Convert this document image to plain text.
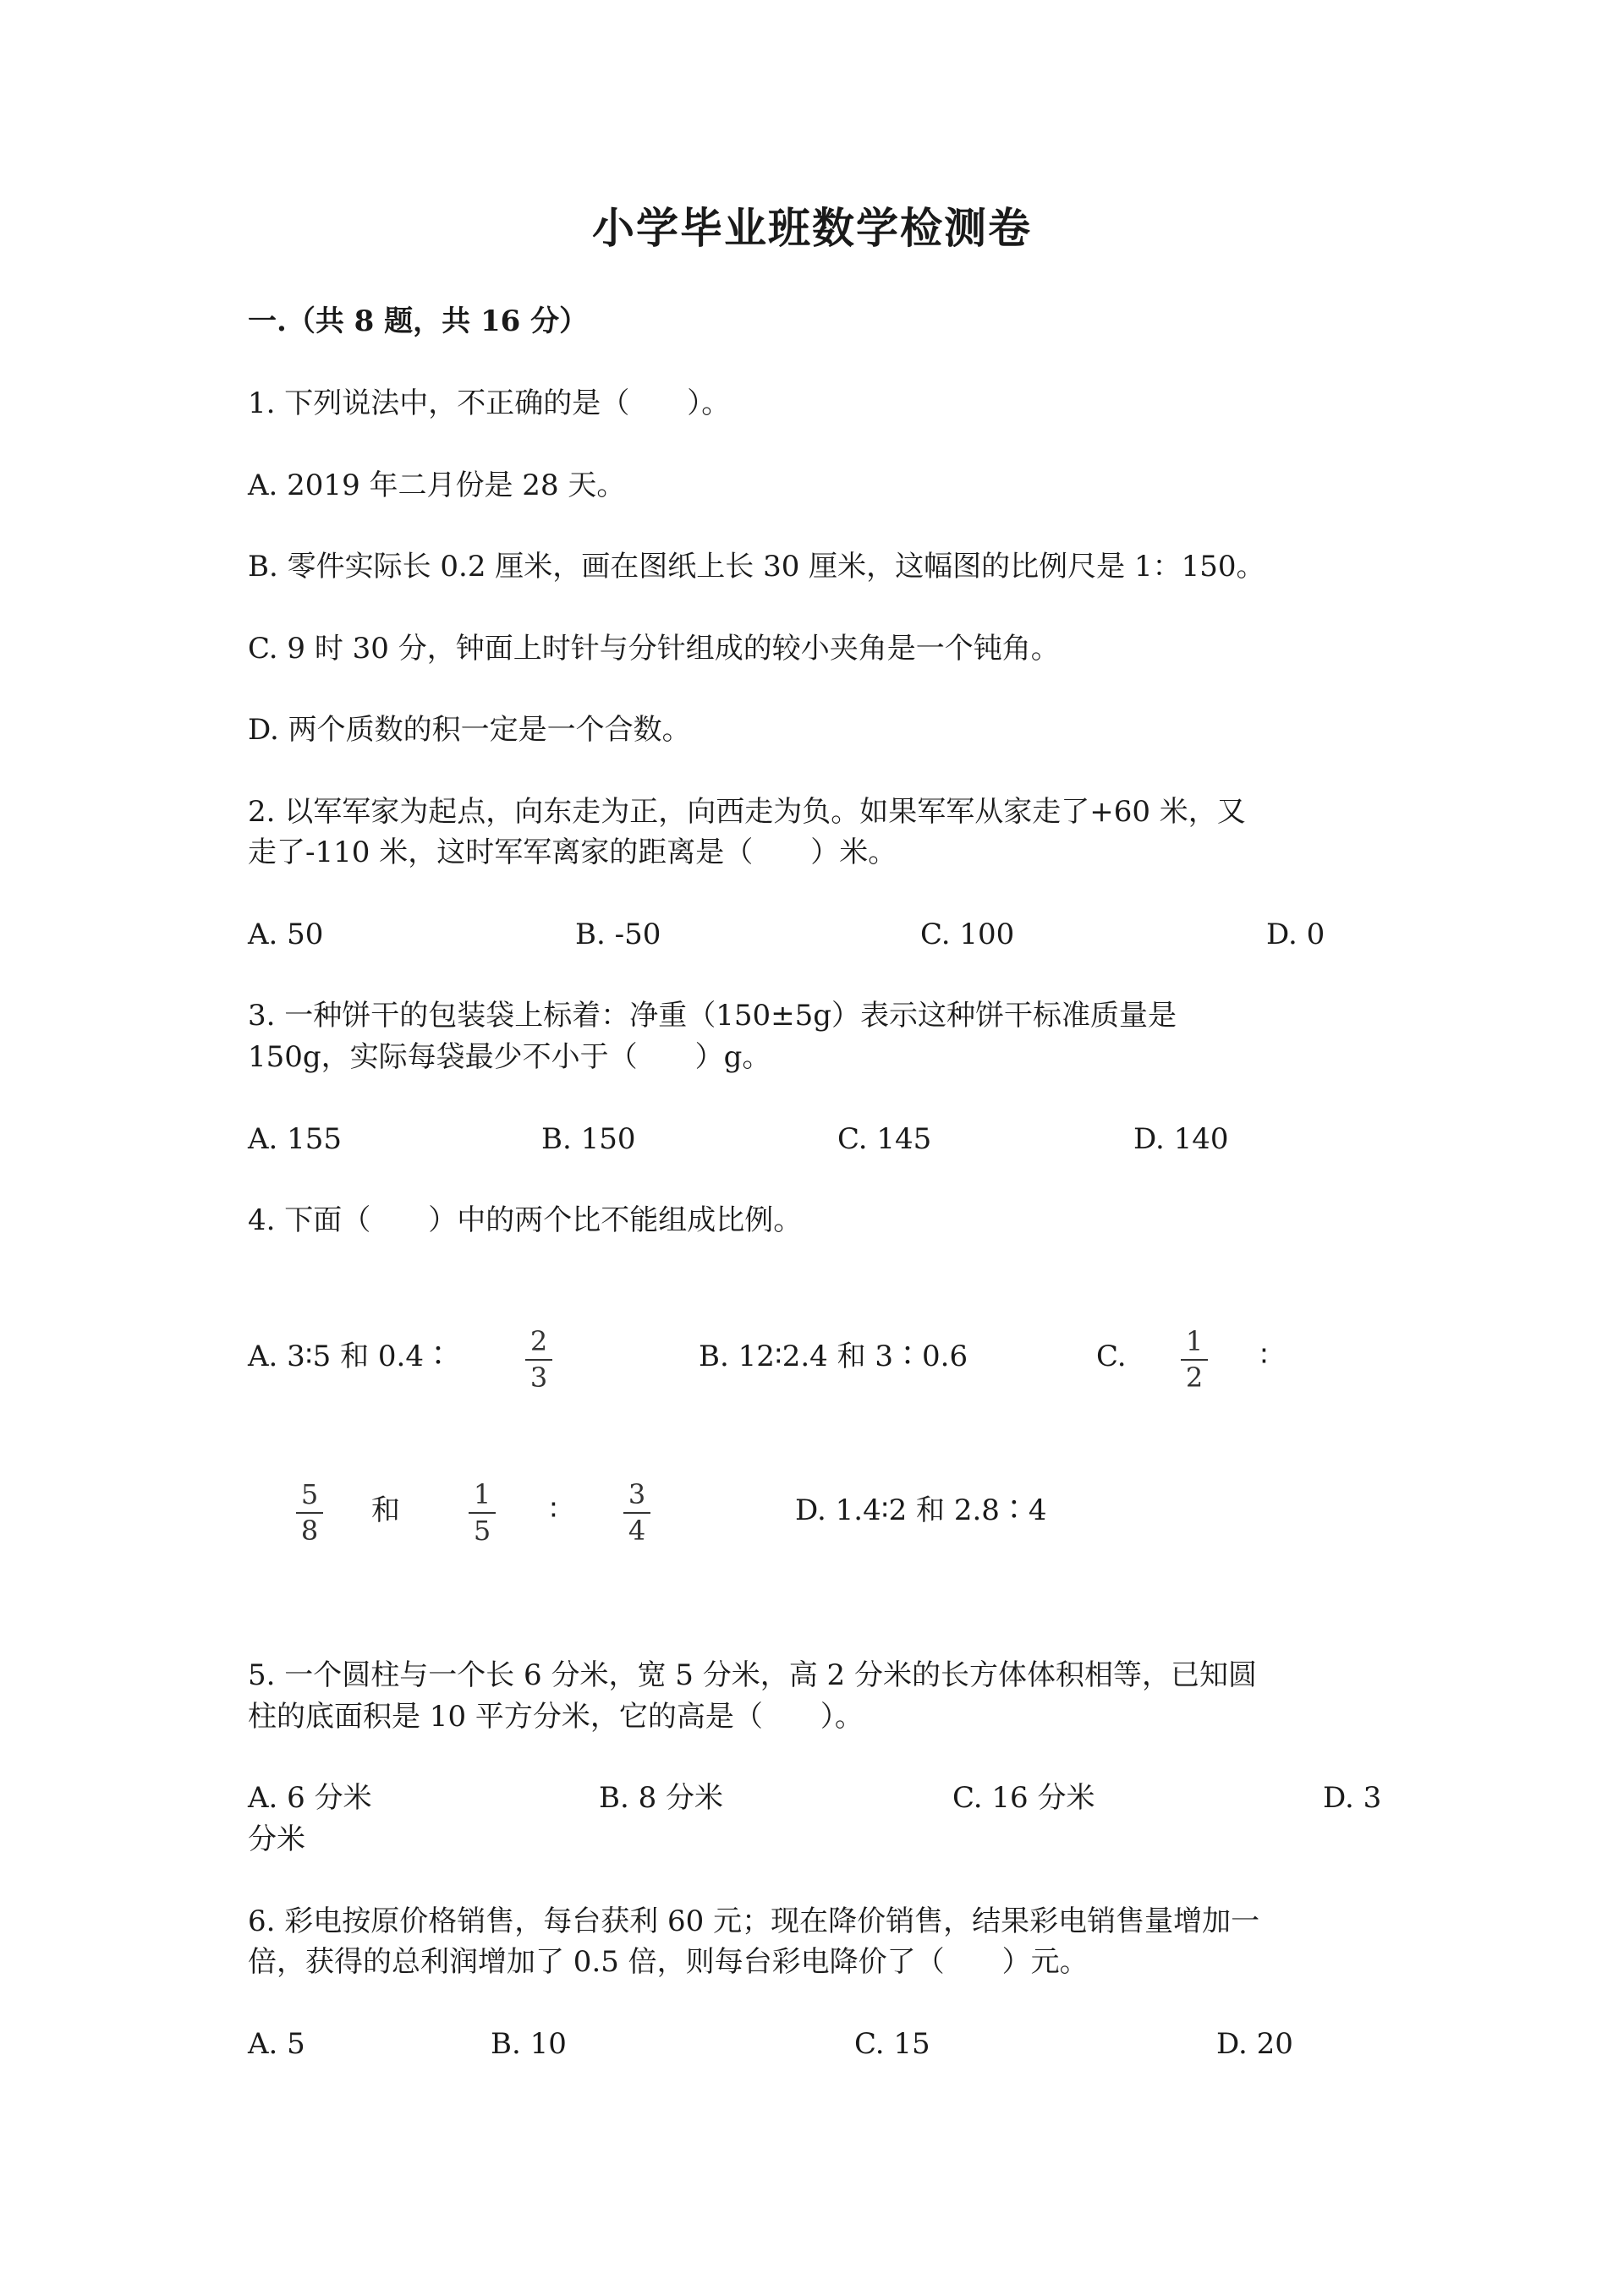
小学毕业班数学检测卷
一.（共 8 题，共 16 分）
1. 下列说法中，不正确的是（　　）。
A. 2019 年二月份是 28 天。
B. 零件实际长 0.2 厘米，画在图纸上长 30 厘米，这幅图的比例尺是 1：150。
C. 9 时 30 分，钟面上时针与分针组成的较小夹角是一个钝角。
D. 两个质数的积一定是一个合数。
2. 以军军家为起点，向东走为正，向西走为负。如果军军从家走了+60 米，又
走了-110 米，这时军军离家的距离是（　　）米。
A. 50	B. -50	C. 100	D. 0
3. 一种饼干的包装袋上标着：净重（150±5g）表示这种饼干标准质量是
150g，实际每袋最少不小于（　　）g。
A. 155	B. 150	C. 145	D. 140
4. 下面（　　）中的两个比不能组成比例。
A. 3∶5 和 0.4∶	2
3
B. 12∶2.4 和 3∶0.6	C.	1
2
∶
5
8
和	1
5
∶	3
4
D. 1.4∶2 和 2.8∶4
5. 一个圆柱与一个长 6 分米，宽 5 分米，高 2 分米的长方体体积相等，已知圆
柱的底面积是 10 平方分米，它的高是（　　）。
A. 6 分米	B. 8 分米	C. 16 分米	D. 3
分米
6. 彩电按原价格销售，每台获利 60 元；现在降价销售，结果彩电销售量增加一
倍，获得的总利润增加了 0.5 倍，则每台彩电降价了（　　）元。
A. 5	B. 10	C. 15	D. 20
